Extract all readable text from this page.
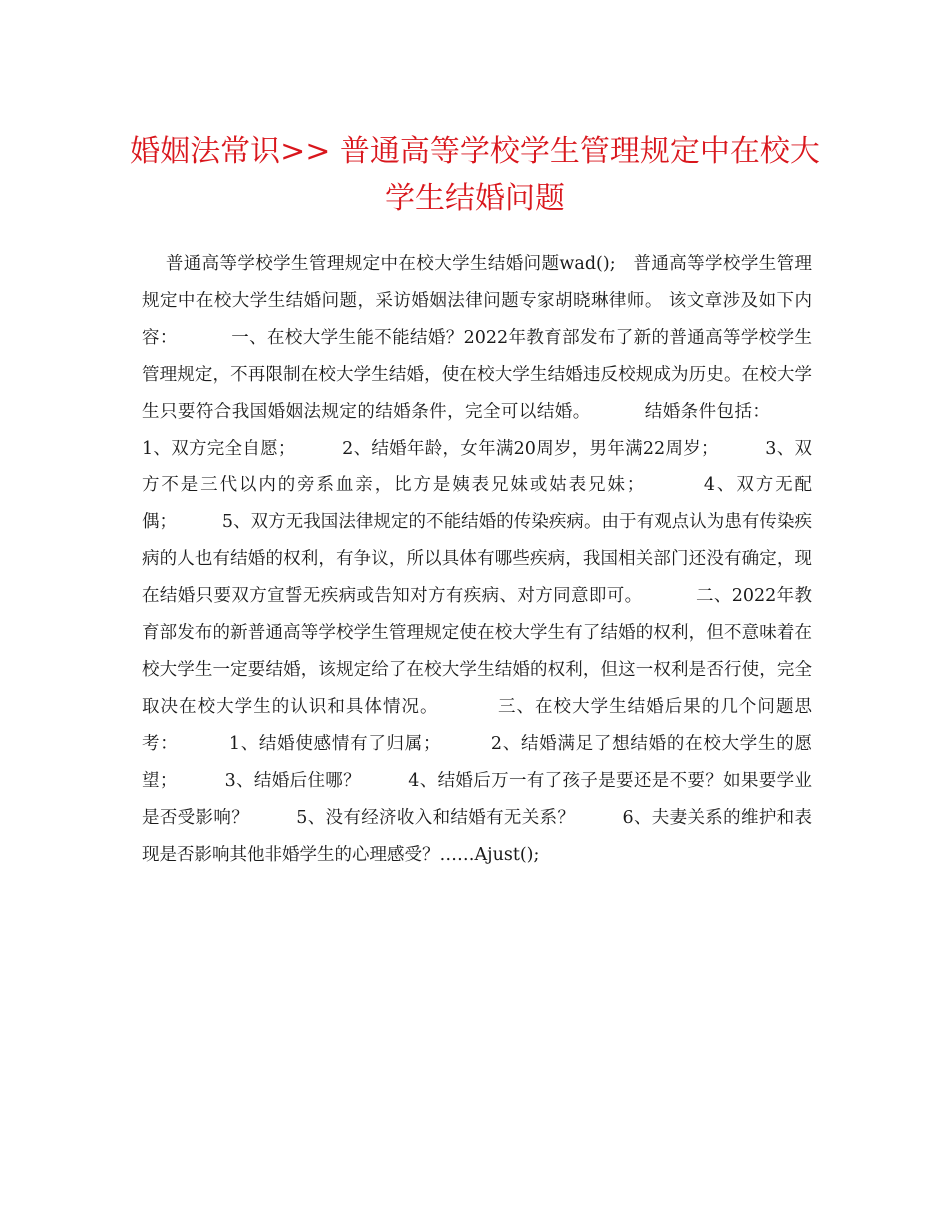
婚姻法常识>> 普通高等学校学生管理规定中在校大学生结婚问题
普通高等学校学生管理规定中在校大学生结婚问题wad();   普通高等学校学生管理规定中在校大学生结婚问题，采访婚姻法律问题专家胡晓琳律师。 该文章涉及如下内容：         一、在校大学生能不能结婚？2022年教育部发布了新的普通高等学校学生管理规定，不再限制在校大学生结婚，使在校大学生结婚违反校规成为历史。在校大学生只要符合我国婚姻法规定的结婚条件，完全可以结婚。         结婚条件包括：        1、双方完全自愿；        2、结婚年龄，女年满20周岁，男年满22周岁；        3、双方不是三代以内的旁系血亲，比方是姨表兄妹或姑表兄妹；        4、双方无配偶；        5、双方无我国法律规定的不能结婚的传染疾病。由于有观点认为患有传染疾病的人也有结婚的权利，有争议，所以具体有哪些疾病，我国相关部门还没有确定，现在结婚只要双方宣誓无疾病或告知对方有疾病、对方同意即可。         二、2022年教育部发布的新普通高等学校学生管理规定使在校大学生有了结婚的权利，但不意味着在校大学生一定要结婚，该规定给了在校大学生结婚的权利，但这一权利是否行使，完全取决在校大学生的认识和具体情况。         三、在校大学生结婚后果的几个问题思考：        1、结婚使感情有了归属；        2、结婚满足了想结婚的在校大学生的愿望；        3、结婚后住哪？        4、结婚后万一有了孩子是要还是不要？如果要学业是否受影响？        5、没有经济收入和结婚有无关系？        6、夫妻关系的维护和表现是否影响其他非婚学生的心理感受？……Ajust();
